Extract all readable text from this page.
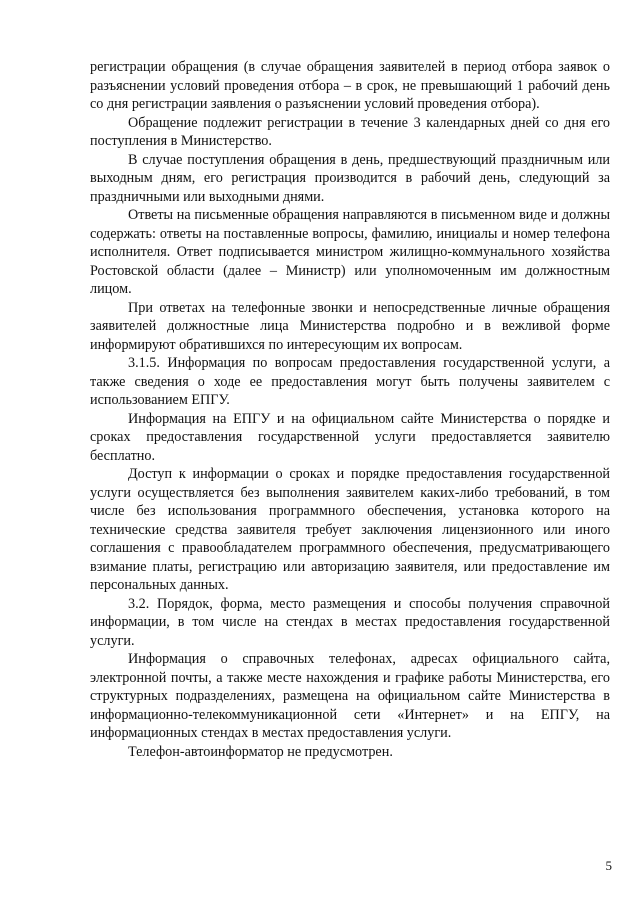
регистрации обращения (в случае обращения заявителей в период отбора заявок о разъяснении условий проведения отбора – в срок, не превышающий 1 рабочий день со дня регистрации заявления о разъяснении условий проведения отбора).

Обращение подлежит регистрации в течение 3 календарных дней со дня его поступления в Министерство.

В случае поступления обращения в день, предшествующий праздничным или выходным дням, его регистрация производится в рабочий день, следующий за праздничными или выходными днями.

Ответы на письменные обращения направляются в письменном виде и должны содержать: ответы на поставленные вопросы, фамилию, инициалы и номер телефона исполнителя. Ответ подписывается министром жилищно-коммунального хозяйства Ростовской области (далее – Министр) или уполномоченным им должностным лицом.

При ответах на телефонные звонки и непосредственные личные обращения заявителей должностные лица Министерства подробно и в вежливой форме информируют обратившихся по интересующим их вопросам.

3.1.5. Информация по вопросам предоставления государственной услуги, а также сведения о ходе ее предоставления могут быть получены заявителем с использованием ЕПГУ.

Информация на ЕПГУ и на официальном сайте Министерства о порядке и сроках предоставления государственной услуги предоставляется заявителю бесплатно.

Доступ к информации о сроках и порядке предоставления государственной услуги осуществляется без выполнения заявителем каких-либо требований, в том числе без использования программного обеспечения, установка которого на технические средства заявителя требует заключения лицензионного или иного соглашения с правообладателем программного обеспечения, предусматривающего взимание платы, регистрацию или авторизацию заявителя, или предоставление им персональных данных.

3.2. Порядок, форма, место размещения и способы получения справочной информации, в том числе на стендах в местах предоставления государственной услуги.

Информация о справочных телефонах, адресах официального сайта, электронной почты, а также месте нахождения и графике работы Министерства, его структурных подразделениях, размещена на официальном сайте Министерства в информационно-телекоммуникационной сети «Интернет» и на ЕПГУ, на информационных стендах в местах предоставления услуги.

Телефон-автоинформатор не предусмотрен.

5
